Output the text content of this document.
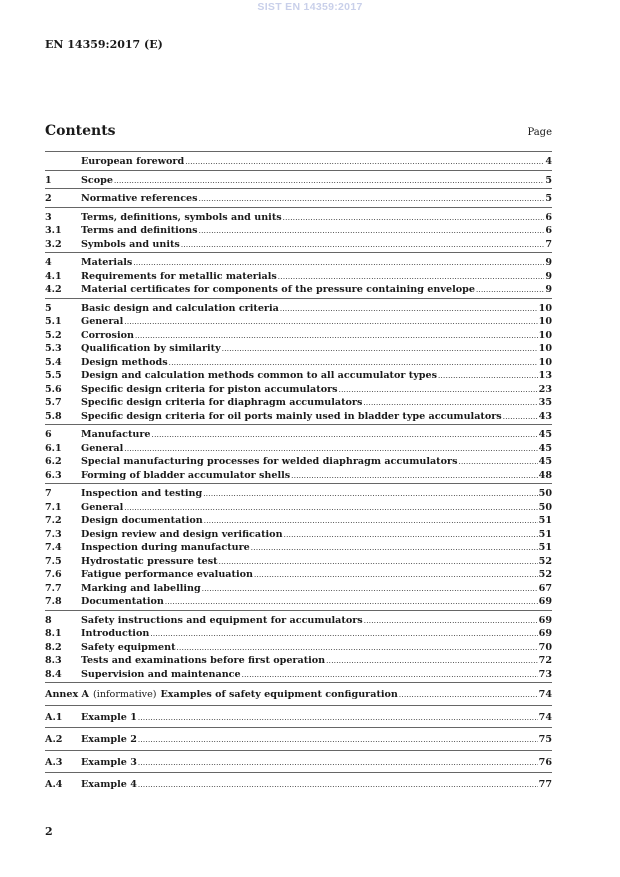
SIST EN 14359:2017
EN 14359:2017 (E)
Contents	Page
European foreword .....	4
1	Scope .....	5
2	Normative references .....	5
3	Terms, definitions, symbols and units .....	6
3.1	Terms and definitions .....	6
3.2	Symbols and units .....	7
4	Materials .....	9
4.1	Requirements for metallic materials .....	9
4.2	Material certificates for components of the pressure containing envelope .....	9
5	Basic design and calculation criteria .....	10
5.1	General .....	10
5.2	Corrosion .....	10
5.3	Qualification by similarity .....	10
5.4	Design methods .....	10
5.5	Design and calculation methods common to all accumulator types .....	13
5.6	Specific design criteria for piston accumulators .....	23
5.7	Specific design criteria for diaphragm accumulators .....	35
5.8	Specific design criteria for oil ports mainly used in bladder type accumulators .....	43
6	Manufacture .....	45
6.1	General .....	45
6.2	Special manufacturing processes for welded diaphragm accumulators .....	45
6.3	Forming of bladder accumulator shells .....	48
7	Inspection and testing .....	50
7.1	General .....	50
7.2	Design documentation .....	51
7.3	Design review and design verification .....	51
7.4	Inspection during manufacture .....	51
7.5	Hydrostatic pressure test .....	52
7.6	Fatigue performance evaluation .....	52
7.7	Marking and labelling .....	67
7.8	Documentation .....	69
8	Safety instructions and equipment for accumulators .....	69
8.1	Introduction .....	69
8.2	Safety equipment .....	70
8.3	Tests and examinations before first operation .....	72
8.4	Supervision and maintenance .....	73
Annex A (informative) Examples of safety equipment configuration .....	74
A.1	Example 1 .....	74
A.2	Example 2 .....	75
A.3	Example 3 .....	76
A.4	Example 4 .....	77
2
